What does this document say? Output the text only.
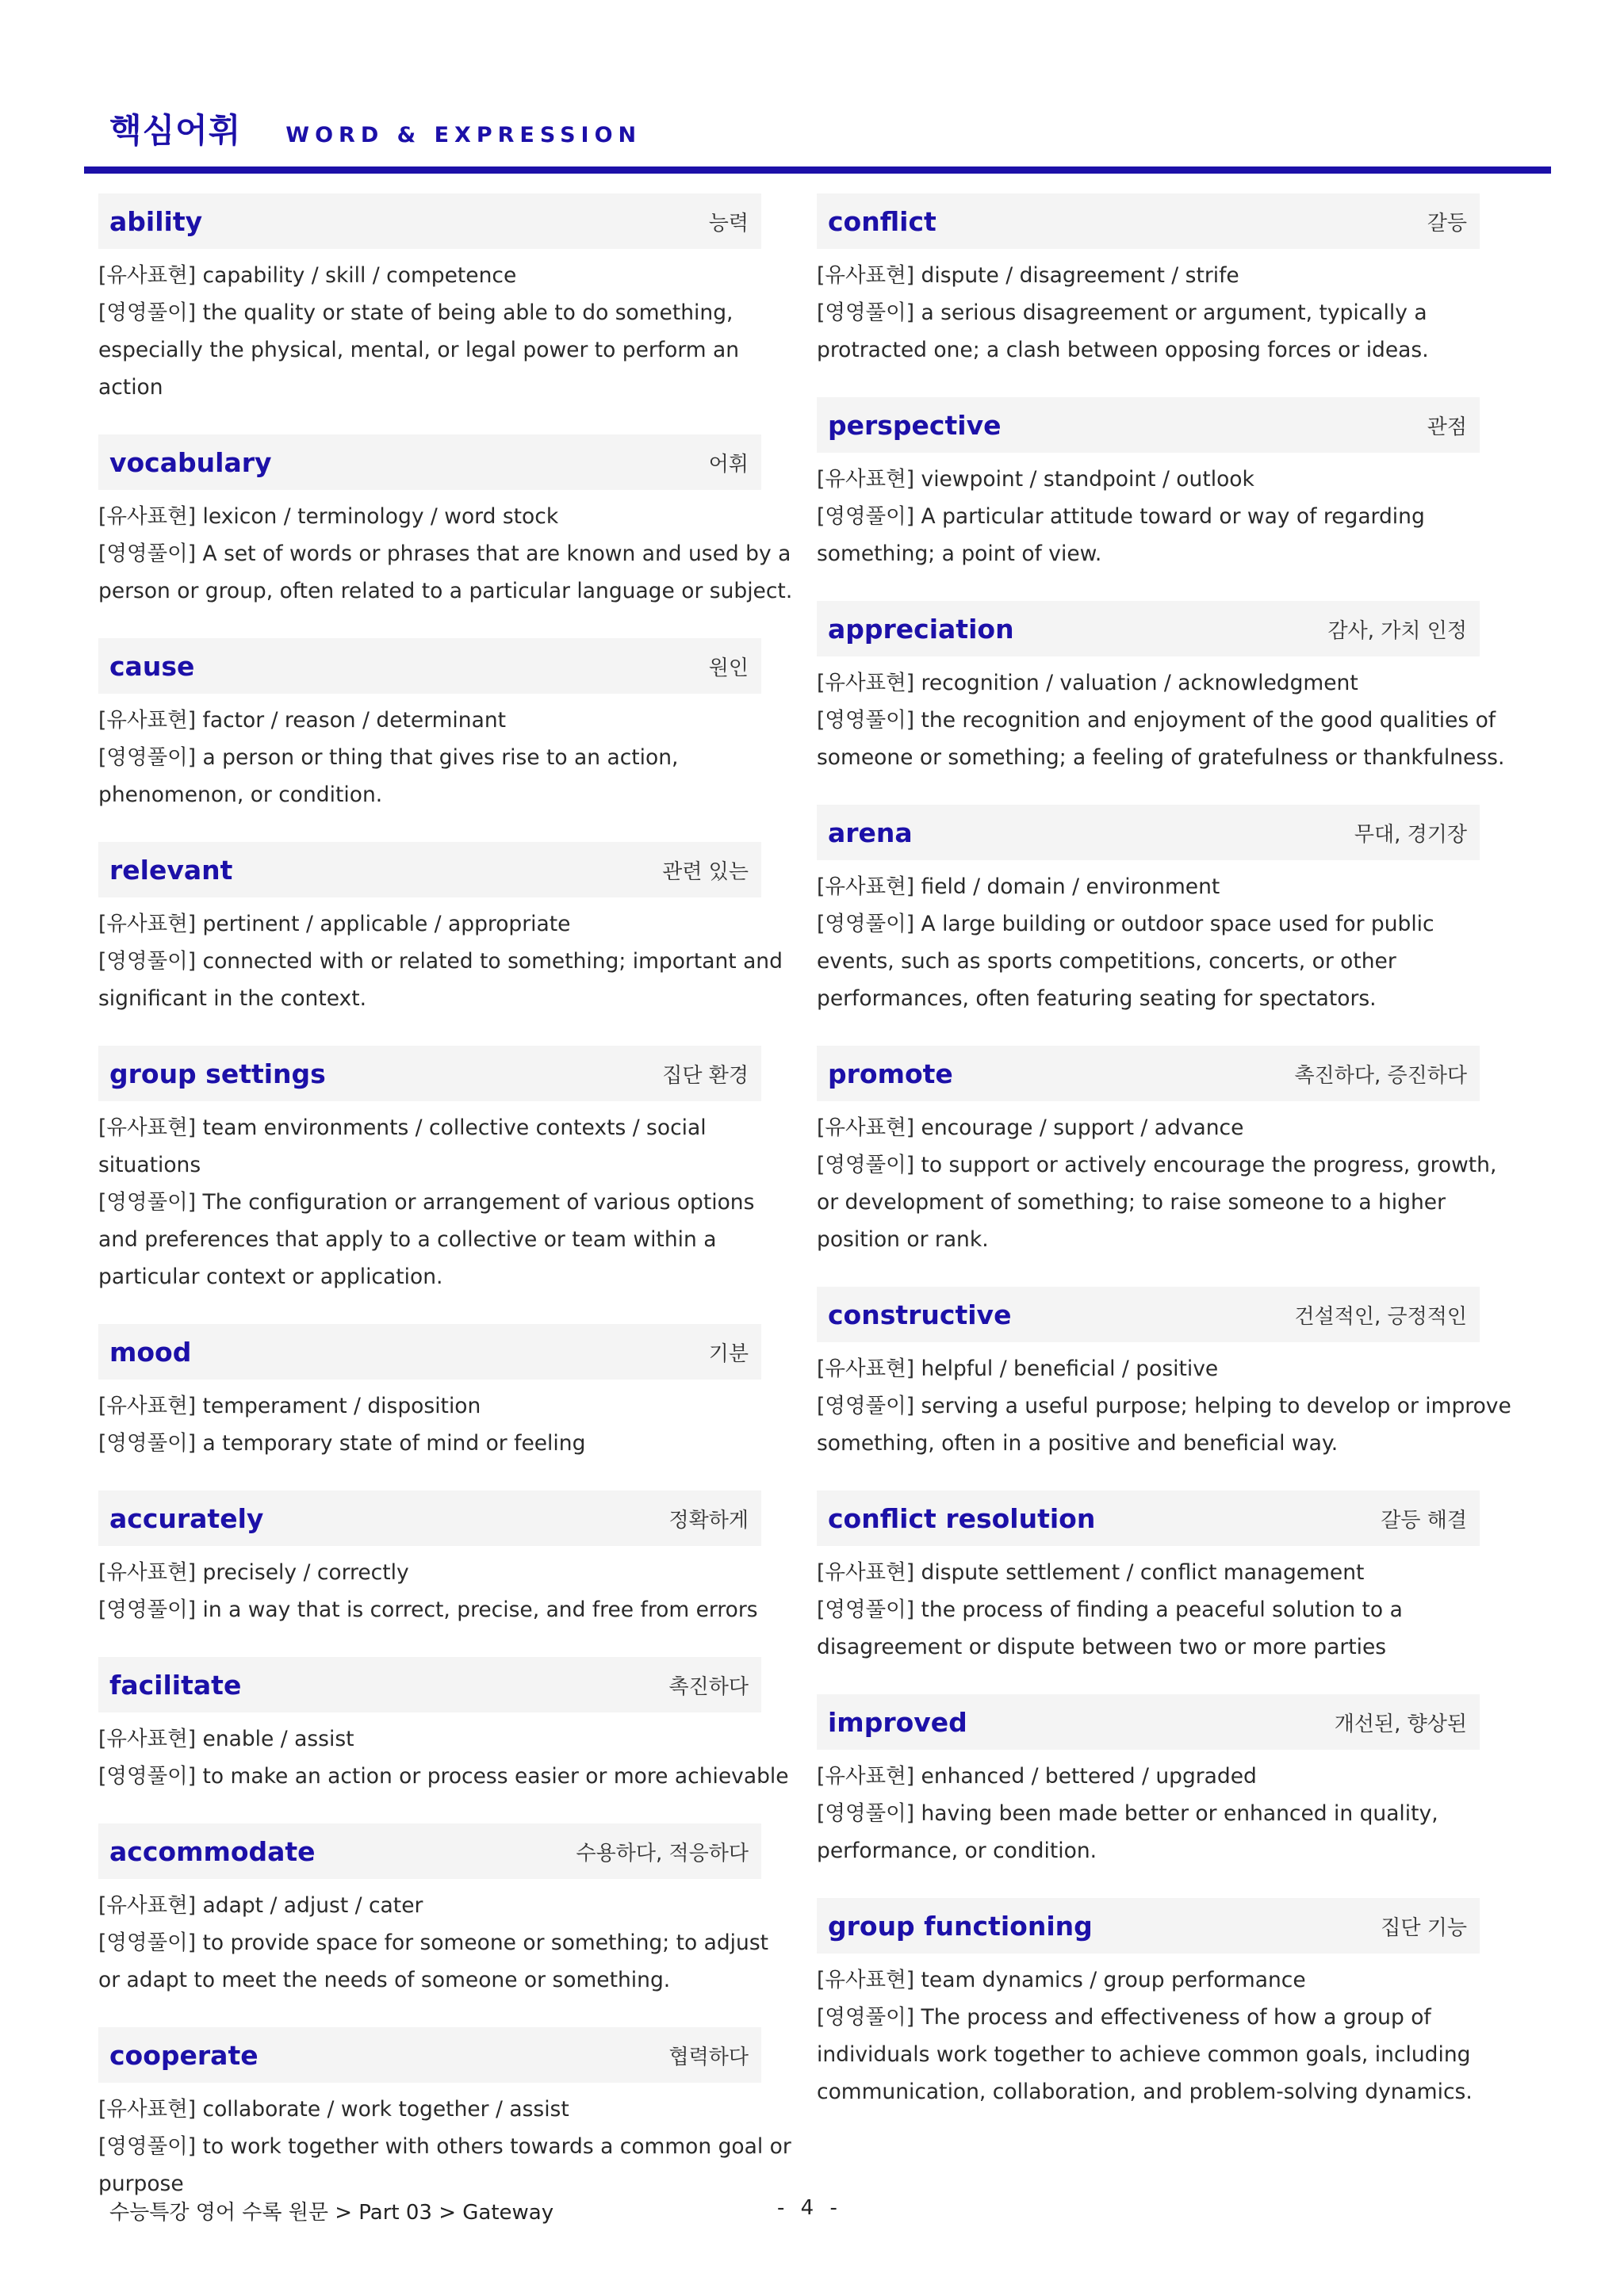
핵심어휘 WORD & EXPRESSION
ability	능력
[유사표현] capability / skill / competence
[영영풀이] the quality or state of being able to do something, especially the physical, mental, or legal power to perform an action
vocabulary	어휘
[유사표현] lexicon / terminology / word stock
[영영풀이] A set of words or phrases that are known and used by a person or group, often related to a particular language or subject.
cause	원인
[유사표현] factor / reason / determinant
[영영풀이] a person or thing that gives rise to an action, phenomenon, or condition.
relevant	관련 있는
[유사표현] pertinent / applicable / appropriate
[영영풀이] connected with or related to something; important and significant in the context.
group settings	집단 환경
[유사표현] team environments / collective contexts / social situations
[영영풀이] The configuration or arrangement of various options and preferences that apply to a collective or team within a particular context or application.
mood	기분
[유사표현] temperament / disposition
[영영풀이] a temporary state of mind or feeling
accurately	정확하게
[유사표현] precisely / correctly
[영영풀이] in a way that is correct, precise, and free from errors
facilitate	촉진하다
[유사표현] enable / assist
[영영풀이] to make an action or process easier or more achievable
accommodate	수용하다, 적응하다
[유사표현] adapt / adjust / cater
[영영풀이] to provide space for someone or something; to adjust or adapt to meet the needs of someone or something.
cooperate	협력하다
[유사표현] collaborate / work together / assist
[영영풀이] to work together with others towards a common goal or purpose
conflict	갈등
[유사표현] dispute / disagreement / strife
[영영풀이] a serious disagreement or argument, typically a protracted one; a clash between opposing forces or ideas.
perspective	관점
[유사표현] viewpoint / standpoint / outlook
[영영풀이] A particular attitude toward or way of regarding something; a point of view.
appreciation	감사, 가치 인정
[유사표현] recognition / valuation / acknowledgment
[영영풀이] the recognition and enjoyment of the good qualities of someone or something; a feeling of gratefulness or thankfulness.
arena	무대, 경기장
[유사표현] field / domain / environment
[영영풀이] A large building or outdoor space used for public events, such as sports competitions, concerts, or other performances, often featuring seating for spectators.
promote	촉진하다, 증진하다
[유사표현] encourage / support / advance
[영영풀이] to support or actively encourage the progress, growth, or development of something; to raise someone to a higher position or rank.
constructive	건설적인, 긍정적인
[유사표현] helpful / beneficial / positive
[영영풀이] serving a useful purpose; helping to develop or improve something, often in a positive and beneficial way.
conflict resolution	갈등 해결
[유사표현] dispute settlement / conflict management
[영영풀이] the process of finding a peaceful solution to a disagreement or dispute between two or more parties
improved	개선된, 향상된
[유사표현] enhanced / bettered / upgraded
[영영풀이] having been made better or enhanced in quality, performance, or condition.
group functioning	집단 기능
[유사표현] team dynamics / group performance
[영영풀이] The process and effectiveness of how a group of individuals work together to achieve common goals, including communication, collaboration, and problem-solving dynamics.
수능특강 영어 수록 원문 > Part 03 > Gateway	- 4 -
